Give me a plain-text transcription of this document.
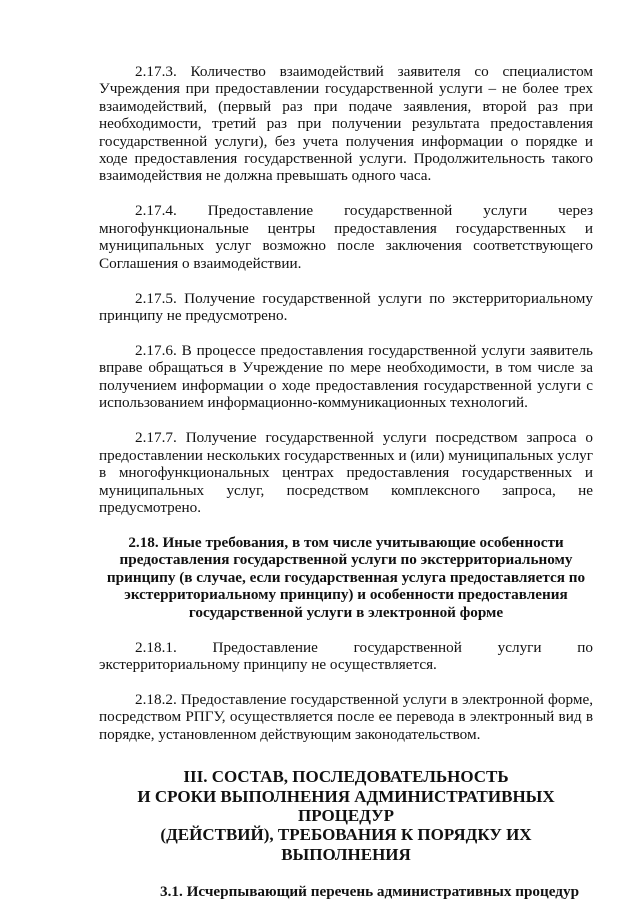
2.17.3. Количество взаимодействий заявителя со специалистом Учреждения при предоставлении государственной услуги – не более трех взаимодействий, (первый раз при подаче заявления, второй раз при необходимости, третий раз при получении результата предоставления государственной услуги), без учета получения информации о порядке и ходе предоставления государственной услуги. Продолжительность такого взаимодействия не должна превышать одного часа.

2.17.4. Предоставление государственной услуги через многофункциональные центры предоставления государственных и муниципальных услуг возможно после заключения соответствующего Соглашения о взаимодействии.

2.17.5. Получение государственной услуги по экстерриториальному принципу не предусмотрено.

2.17.6. В процессе предоставления государственной услуги заявитель вправе обращаться в Учреждение по мере необходимости, в том числе за получением информации о ходе предоставления государственной услуги с использованием информационно-коммуникационных технологий.

2.17.7. Получение государственной услуги посредством запроса о предоставлении нескольких государственных и (или) муниципальных услуг в многофункциональных центрах предоставления государственных и муниципальных услуг, посредством комплексного запроса, не предусмотрено.

2.18. Иные требования, в том числе учитывающие особенности предоставления государственной услуги по экстерриториальному принципу (в случае, если государственная услуга предоставляется по экстерриториальному принципу) и особенности предоставления государственной услуги в электронной форме

2.18.1. Предоставление государственной услуги по экстерриториальному принципу не осуществляется.

2.18.2. Предоставление государственной услуги в электронной форме, посредством РПГУ, осуществляется после ее перевода в электронный вид в порядке, установленном действующим законодательством.

III. СОСТАВ, ПОСЛЕДОВАТЕЛЬНОСТЬ
И СРОКИ ВЫПОЛНЕНИЯ АДМИНИСТРАТИВНЫХ ПРОЦЕДУР
(ДЕЙСТВИЙ), ТРЕБОВАНИЯ К ПОРЯДКУ ИХ ВЫПОЛНЕНИЯ
3.1. Исчерпывающий перечень административных процедур
